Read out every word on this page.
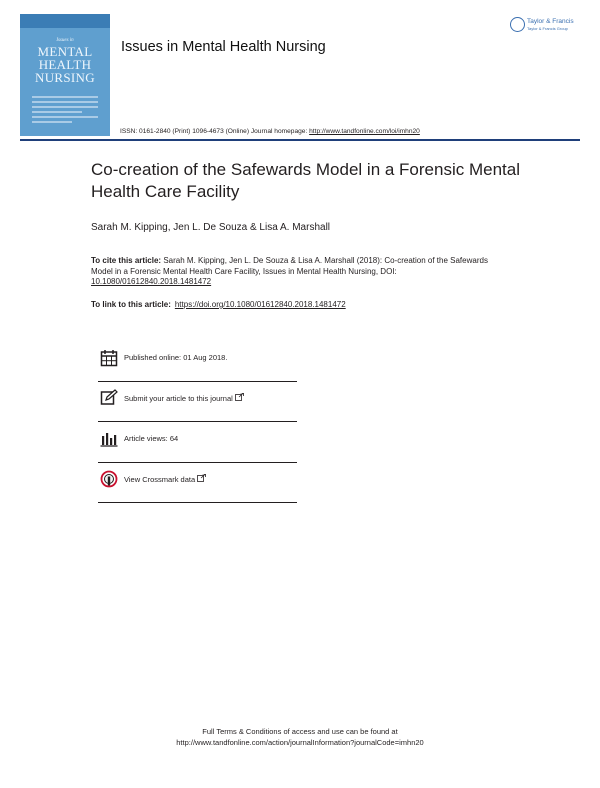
Issues in
MENTAL
HEALTH
NURSING
Issues in Mental Health Nursing
Taylor & Francis
Taylor & Francis Group
ISSN: 0161-2840 (Print) 1096-4673 (Online) Journal homepage: http://www.tandfonline.com/loi/imhn20
Co-creation of the Safewards Model in a Forensic Mental Health Care Facility
Sarah M. Kipping, Jen L. De Souza & Lisa A. Marshall
To cite this article: Sarah M. Kipping, Jen L. De Souza & Lisa A. Marshall (2018): Co-creation of the Safewards Model in a Forensic Mental Health Care Facility, Issues in Mental Health Nursing, DOI: 10.1080/01612840.2018.1481472
To link to this article: https://doi.org/10.1080/01612840.2018.1481472
Published online: 01 Aug 2018.
Submit your article to this journal
Article views: 64
View Crossmark data
Full Terms & Conditions of access and use can be found at
http://www.tandfonline.com/action/journalInformation?journalCode=imhn20
